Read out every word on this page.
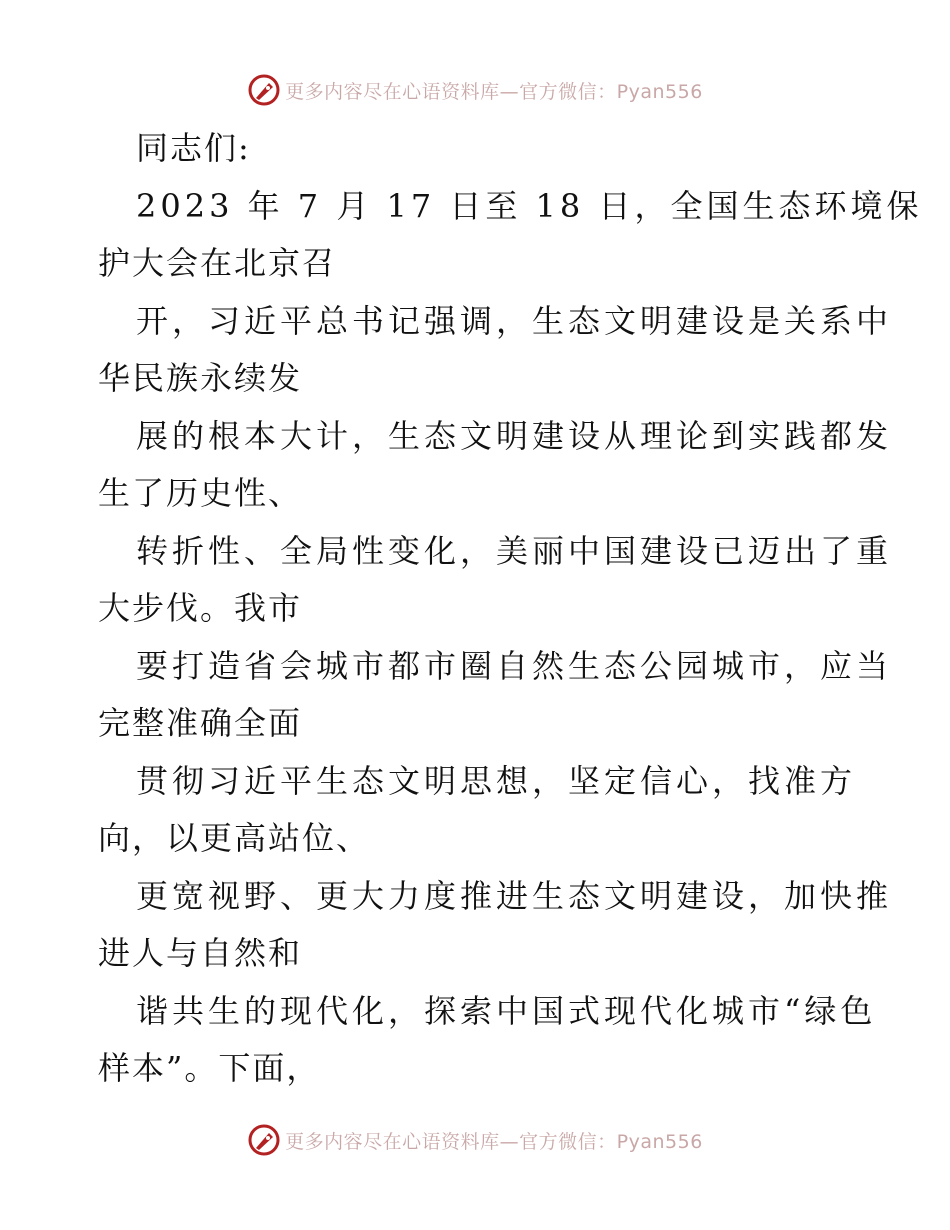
更多内容尽在心语资料库—官方微信：Pyan556
同志们:
2023 年 7 月 17 日至 18 日，全国生态环境保
护大会在北京召
开，习近平总书记强调，生态文明建设是关系中
华民族永续发
展的根本大计，生态文明建设从理论到实践都发
生了历史性、
转折性、全局性变化，美丽中国建设已迈出了重
大步伐。我市
要打造省会城市都市圈自然生态公园城市，应当
完整准确全面
贯彻习近平生态文明思想，坚定信心，找准方
向，以更高站位、
更宽视野、更大力度推进生态文明建设，加快推
进人与自然和
谐共生的现代化，探索中国式现代化城市“绿色
样本”。下面，
更多内容尽在心语资料库—官方微信：Pyan556
